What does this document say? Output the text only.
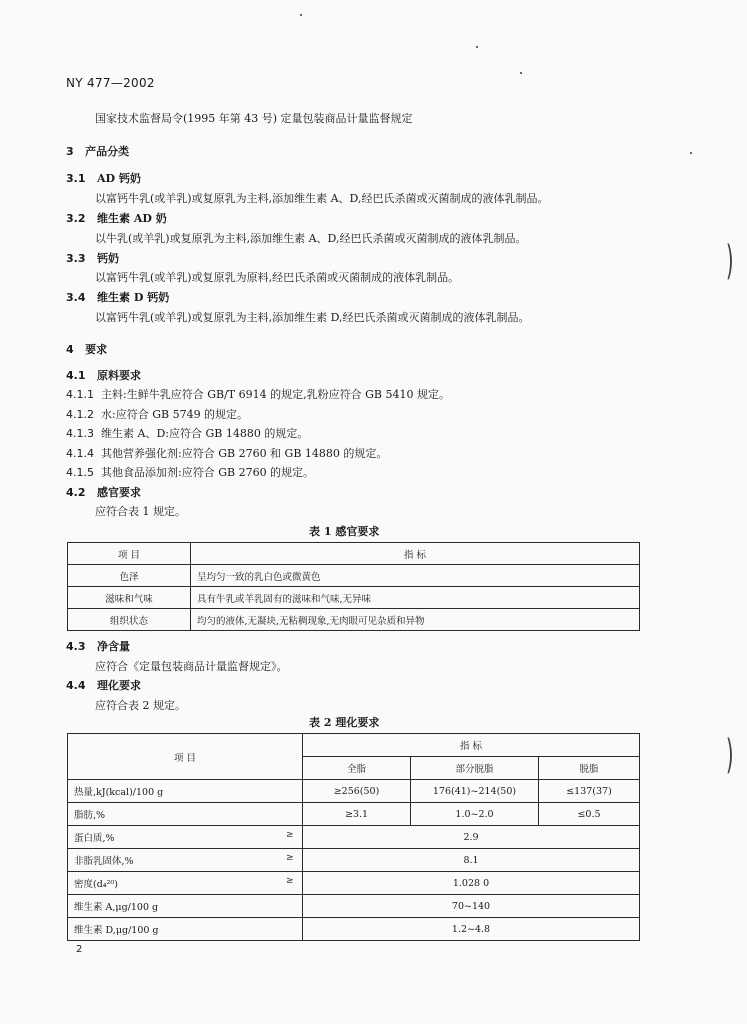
NY 477—2002
国家技术监督局令(1995 年第 43 号) 定量包装商品计量监督规定
3 产品分类
3.1 AD 钙奶
以富钙牛乳(或羊乳)或复原乳为主料,添加维生素 A、D,经巴氏杀菌或灭菌制成的液体乳制品。
3.2 维生素 AD 奶
以牛乳(或羊乳)或复原乳为主料,添加维生素 A、D,经巴氏杀菌或灭菌制成的液体乳制品。
3.3 钙奶
以富钙牛乳(或羊乳)或复原乳为原料,经巴氏杀菌或灭菌制成的液体乳制品。
3.4 维生素 D 钙奶
以富钙牛乳(或羊乳)或复原乳为主料,添加维生素 D,经巴氏杀菌或灭菌制成的液体乳制品。
4 要求
4.1 原料要求
4.1.1 主料:生鲜牛乳应符合 GB/T 6914 的规定,乳粉应符合 GB 5410 规定。
4.1.2 水:应符合 GB 5749 的规定。
4.1.3 维生素 A、D:应符合 GB 14880 的规定。
4.1.4 其他营养强化剂:应符合 GB 2760 和 GB 14880 的规定。
4.1.5 其他食品添加剂:应符合 GB 2760 的规定。
4.2 感官要求
应符合表 1 规定。
表 1 感官要求
项 目	指 标
色泽	呈均匀一致的乳白色或微黄色
滋味和气味	具有牛乳或羊乳固有的滋味和气味,无异味
组织状态	均匀的液体,无凝块,无粘稠现象,无肉眼可见杂质和异物
4.3 净含量
应符合《定量包装商品计量监督规定》。
4.4 理化要求
应符合表 2 规定。
表 2 理化要求
项 目	指 标		
	全脂	部分脱脂	脱脂
热量,kJ(kcal)/100 g	≥256(50)	176(41)~214(50)	≤137(37)
脂肪,%	≥3.1	1.0~2.0	≤0.5
蛋白质,% ≥	2.9		
非脂乳固体,% ≥	8.1		
密度(d₄²⁰) ≥	1.028 0		
维生素 A,μg/100 g	70~140		
维生素 D,μg/100 g	1.2~4.8		
2
)
)
